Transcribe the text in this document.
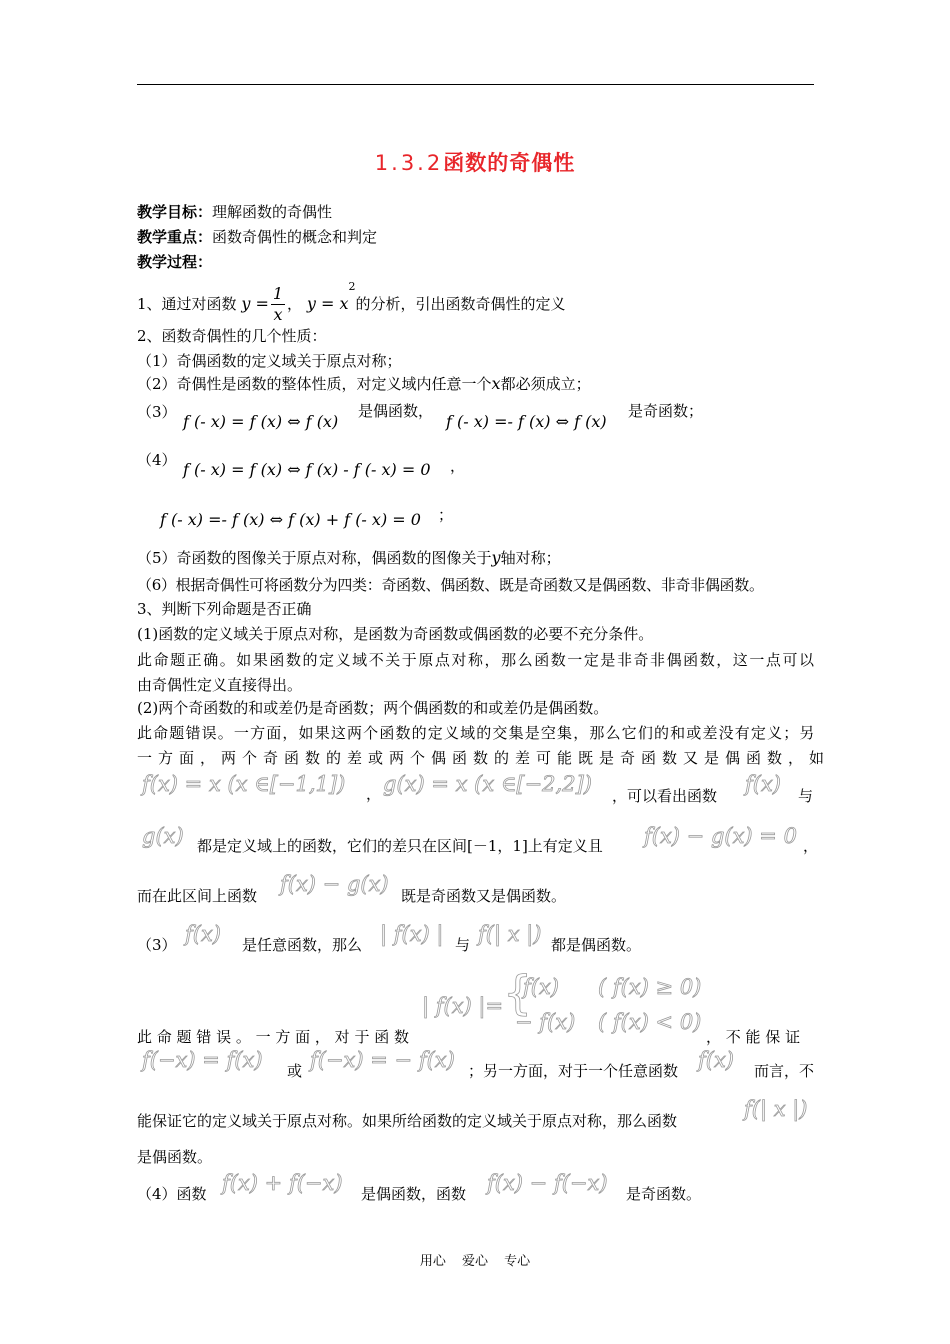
1.3.2函数的奇偶性
教学目标：理解函数的奇偶性
教学重点：函数奇偶性的概念和判定
教学过程：
1、通过对函数 $y = \frac{1}{x}$ ， $y = x^2$的分析，引出函数奇偶性的定义
2、函数奇偶性的几个性质：
（1）奇偶函数的定义域关于原点对称；
（2）奇偶性是函数的整体性质，对定义域内任意一个x都必须成立；
（3） f (- x) = f (x) ⇔ f (x)
是偶函数，
f (- x) =- f (x) ⇔ f (x)
是奇函数；
（4） f (- x) = f (x) ⇔ f (x) - f (- x) = 0 ，
f (- x) =- f (x) ⇔ f (x) + f (- x) = 0 ；
（5）奇函数的图像关于原点对称，偶函数的图像关于y轴对称；
（6）根据奇偶性可将函数分为四类：奇函数、偶函数、既是奇函数又是偶函数、非奇非偶函数。
3、判断下列命题是否正确
(1)函数的定义域关于原点对称，是函数为奇函数或偶函数的必要不充分条件。
此命题正确。如果函数的定义域不关于原点对称，那么函数一定是非奇非偶函数，这一点可以
由奇偶性定义直接得出。
(2)两个奇函数的和或差仍是奇函数；两个偶函数的和或差仍是偶函数。
此命题错误。一方面，如果这两个函数的定义域的交集是空集，那么它们的和或差没有定义；另
一方面，两个奇函数的差或两个偶函数的差可能既是奇函数又是偶函数，如
f(x) = x (x ∈[−1,1]) ， g(x) = x (x ∈[−2,2]) ，可以看出函数 f(x) 与
g(x) 都是定义域上的函数，它们的差只在区间[－1，1]上有定义且 f(x) − g(x) = 0 ，
而在此区间上函数 f(x) − g(x) 既是奇函数又是偶函数。
（3） f(x) 是任意函数，那么 | f(x) | 与 f(| x |) 都是偶函数。
| f(x) |= {
f(x) ( f(x) ≥ 0)
− f(x) ( f(x) < 0)
此 命 题 错 误 。 一 方 面 ， 对 于 函 数	， 不 能 保 证
f(−x) = f(x) 或 f(−x) = − f(x) ；另一方面，对于一个任意函数 f(x) 而言，不
能保证它的定义域关于原点对称。如果所给函数的定义域关于原点对称，那么函数	f(| x |)
是偶函数。
（4）函数 f(x) + f(−x) 是偶函数，函数 f(x) − f(−x) 是奇函数。
用心 爱心 专心
